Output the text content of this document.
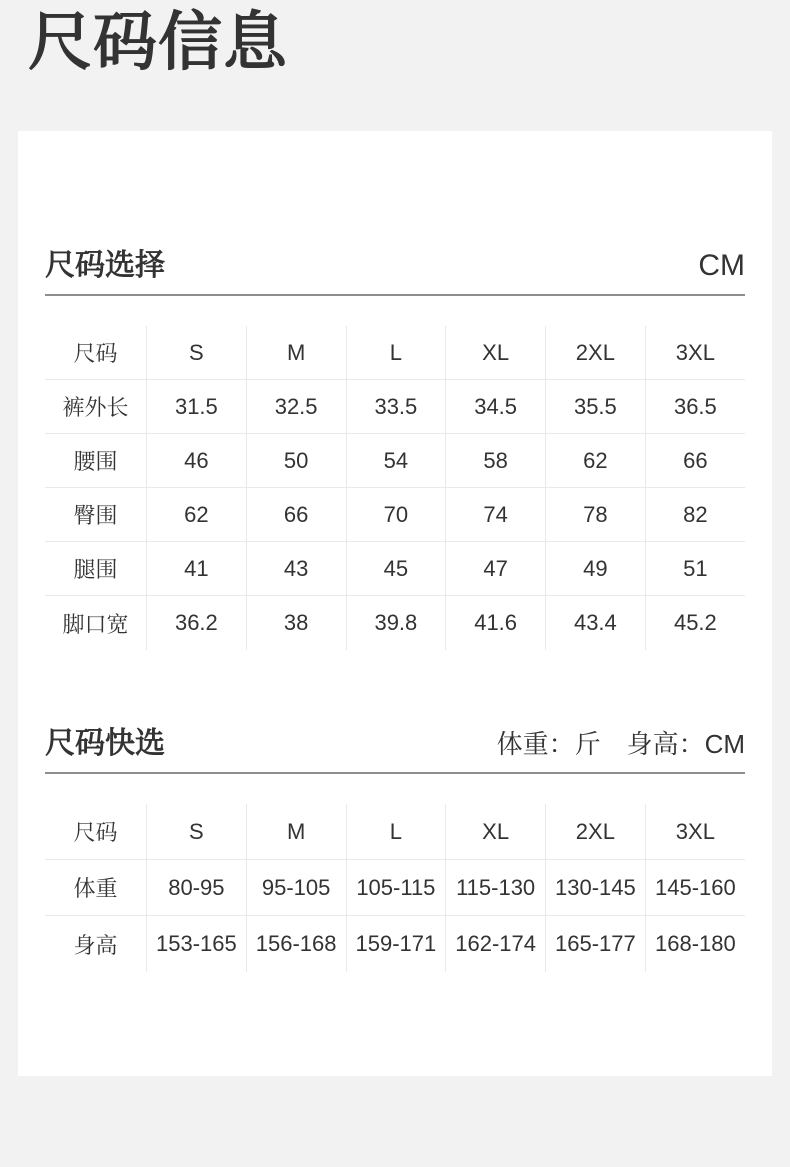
尺码信息
尺码选择	CM
尺码	S	M	L	XL	2XL	3XL
裤外长	31.5	32.5	33.5	34.5	35.5	36.5
腰围	46	50	54	58	62	66
臀围	62	66	70	74	78	82
腿围	41	43	45	47	49	51
脚口宽	36.2	38	39.8	41.6	43.4	45.2
尺码快选	体重：斤　身高：CM
尺码	S	M	L	XL	2XL	3XL
体重	80-95	95-105	105-115	115-130	130-145	145-160
身高	153-165	156-168	159-171	162-174	165-177	168-180
